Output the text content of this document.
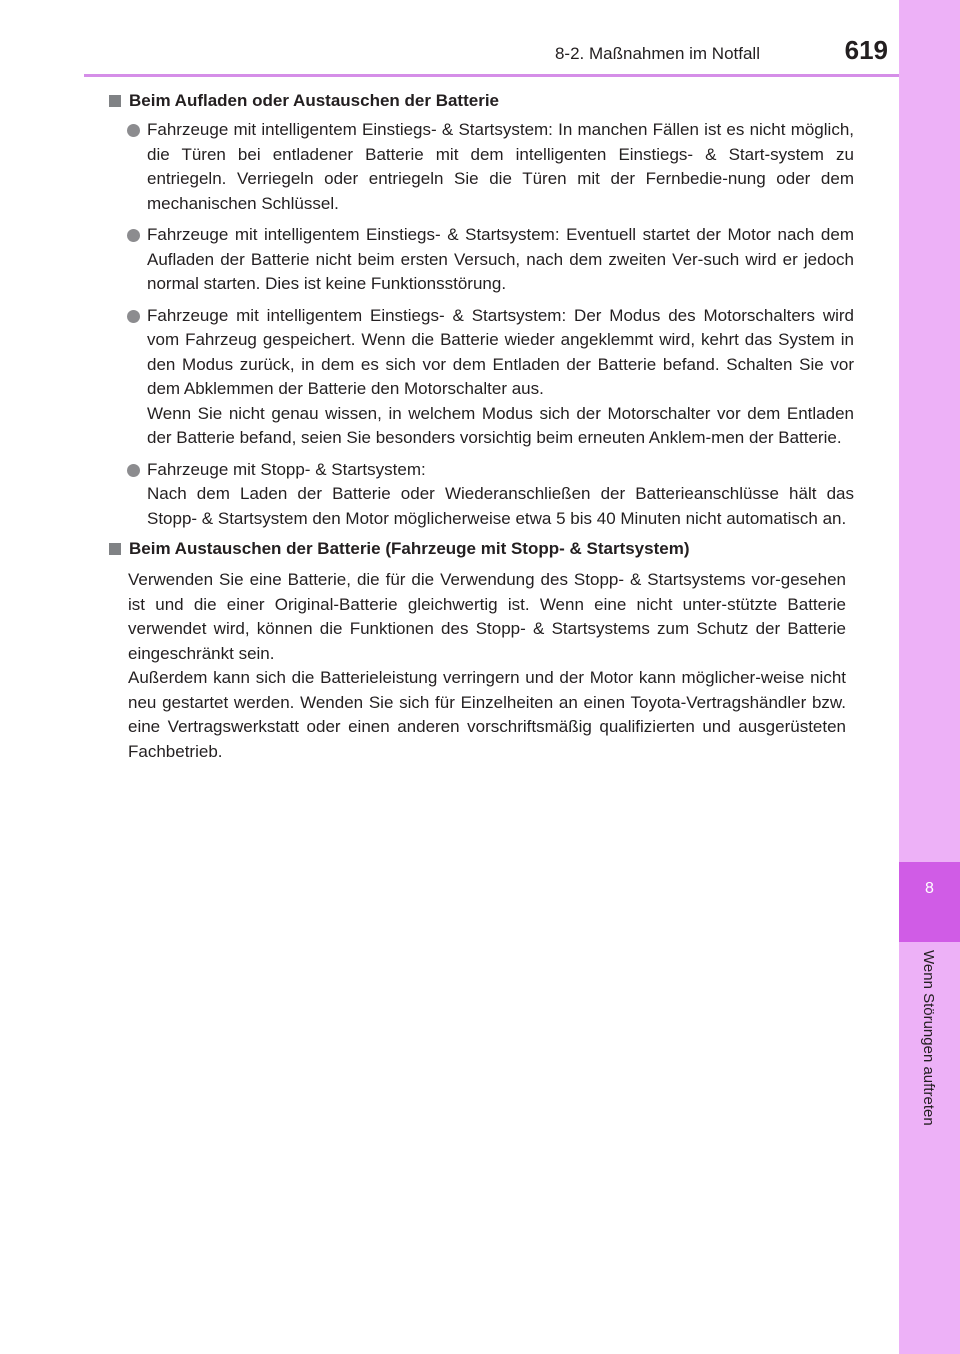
8-2. Maßnahmen im Notfall	619
8
Wenn Störungen auftreten
Beim Aufladen oder Austauschen der Batterie

Fahrzeuge mit intelligentem Einstiegs- & Startsystem: In manchen Fällen ist es nicht möglich, die Türen bei entladener Batterie mit dem intelligenten Einstiegs- & Start-system zu entriegeln. Verriegeln oder entriegeln Sie die Türen mit der Fernbedie-nung oder dem mechanischen Schlüssel.

Fahrzeuge mit intelligentem Einstiegs- & Startsystem: Eventuell startet der Motor nach dem Aufladen der Batterie nicht beim ersten Versuch, nach dem zweiten Ver-such wird er jedoch normal starten. Dies ist keine Funktionsstörung.

Fahrzeuge mit intelligentem Einstiegs- & Startsystem: Der Modus des Motorschalters wird vom Fahrzeug gespeichert. Wenn die Batterie wieder angeklemmt wird, kehrt das System in den Modus zurück, in dem es sich vor dem Entladen der Batterie befand. Schalten Sie vor dem Abklemmen der Batterie den Motorschalter aus.

Wenn Sie nicht genau wissen, in welchem Modus sich der Motorschalter vor dem Entladen der Batterie befand, seien Sie besonders vorsichtig beim erneuten Anklem-men der Batterie.

Fahrzeuge mit Stopp- & Startsystem:

Nach dem Laden der Batterie oder Wiederanschließen der Batterieanschlüsse hält das Stopp- & Startsystem den Motor möglicherweise etwa 5 bis 40 Minuten nicht automatisch an.

Beim Austauschen der Batterie (Fahrzeuge mit Stopp- & Startsystem)

Verwenden Sie eine Batterie, die für die Verwendung des Stopp- & Startsystems vor-gesehen ist und die einer Original-Batterie gleichwertig ist. Wenn eine nicht unter-stützte Batterie verwendet wird, können die Funktionen des Stopp- & Startsystems zum Schutz der Batterie eingeschränkt sein.

Außerdem kann sich die Batterieleistung verringern und der Motor kann möglicher-weise nicht neu gestartet werden. Wenden Sie sich für Einzelheiten an einen Toyota-Vertragshändler bzw. eine Vertragswerkstatt oder einen anderen vorschriftsmäßig qualifizierten und ausgerüsteten Fachbetrieb.
